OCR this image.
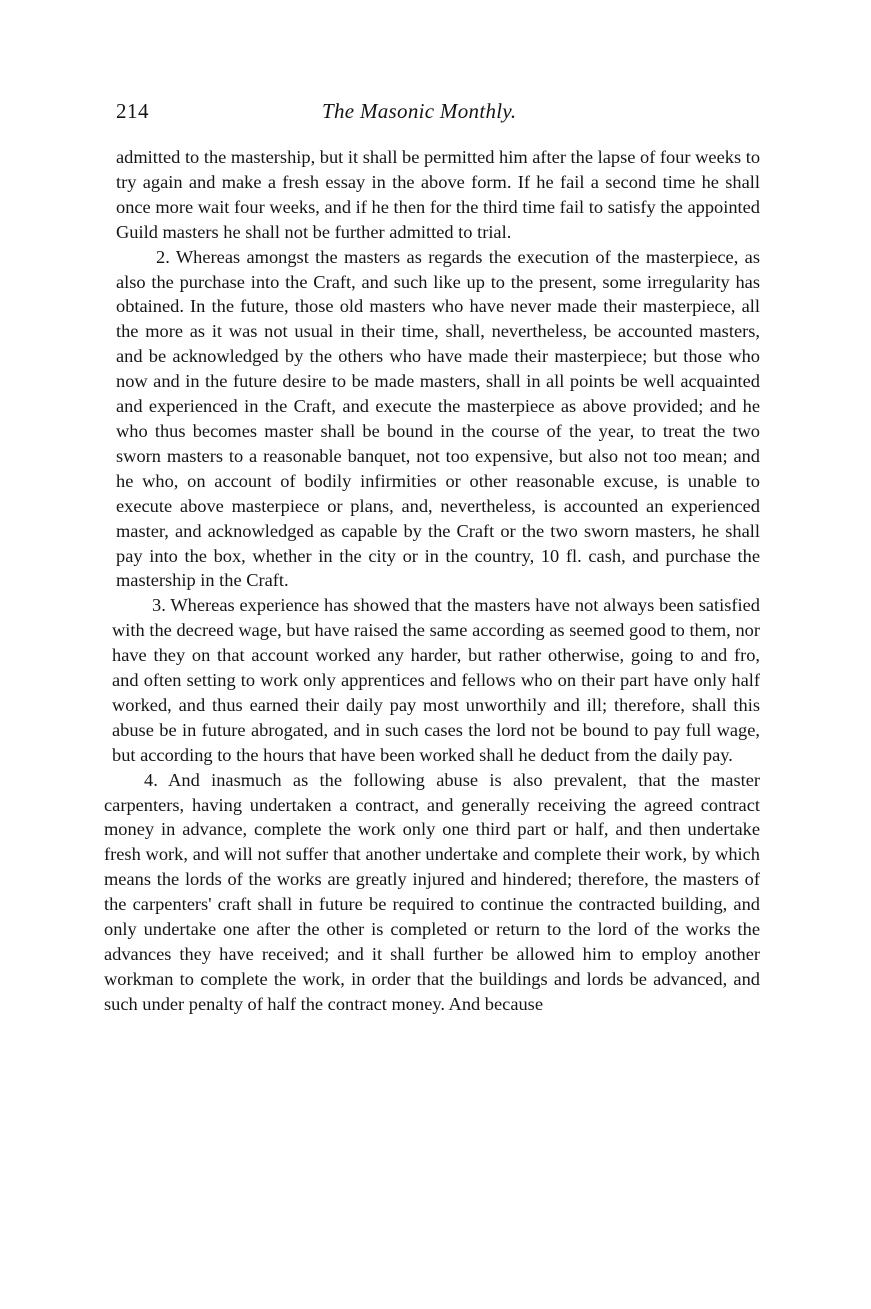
214	The Masonic Monthly.

admitted to the mastership, but it shall be permitted him after the lapse of four weeks to try again and make a fresh essay in the above form. If he fail a second time he shall once more wait four weeks, and if he then for the third time fail to satisfy the appointed Guild masters he shall not be further admitted to trial.

2. Whereas amongst the masters as regards the execution of the masterpiece, as also the purchase into the Craft, and such like up to the present, some irregularity has obtained. In the future, those old masters who have never made their masterpiece, all the more as it was not usual in their time, shall, nevertheless, be accounted masters, and be acknowledged by the others who have made their masterpiece; but those who now and in the future desire to be made masters, shall in all points be well acquainted and experienced in the Craft, and execute the masterpiece as above provided; and he who thus becomes master shall be bound in the course of the year, to treat the two sworn masters to a reasonable banquet, not too expensive, but also not too mean; and he who, on account of bodily infirmities or other reasonable excuse, is unable to execute above masterpiece or plans, and, nevertheless, is accounted an experienced master, and acknowledged as capable by the Craft or the two sworn masters, he shall pay into the box, whether in the city or in the country, 10 fl. cash, and purchase the mastership in the Craft.

3. Whereas experience has showed that the masters have not always been satisfied with the decreed wage, but have raised the same according as seemed good to them, nor have they on that account worked any harder, but rather otherwise, going to and fro, and often setting to work only apprentices and fellows who on their part have only half worked, and thus earned their daily pay most unworthily and ill; therefore, shall this abuse be in future abrogated, and in such cases the lord not be bound to pay full wage, but according to the hours that have been worked shall he deduct from the daily pay.

4. And inasmuch as the following abuse is also prevalent, that the master carpenters, having undertaken a contract, and generally receiving the agreed contract money in advance, complete the work only one third part or half, and then undertake fresh work, and will not suffer that another undertake and complete their work, by which means the lords of the works are greatly injured and hindered; therefore, the masters of the carpenters' craft shall in future be required to continue the contracted building, and only undertake one after the other is completed or return to the lord of the works the advances they have received; and it shall further be allowed him to employ another workman to complete the work, in order that the buildings and lords be advanced, and such under penalty of half the contract money. And because
